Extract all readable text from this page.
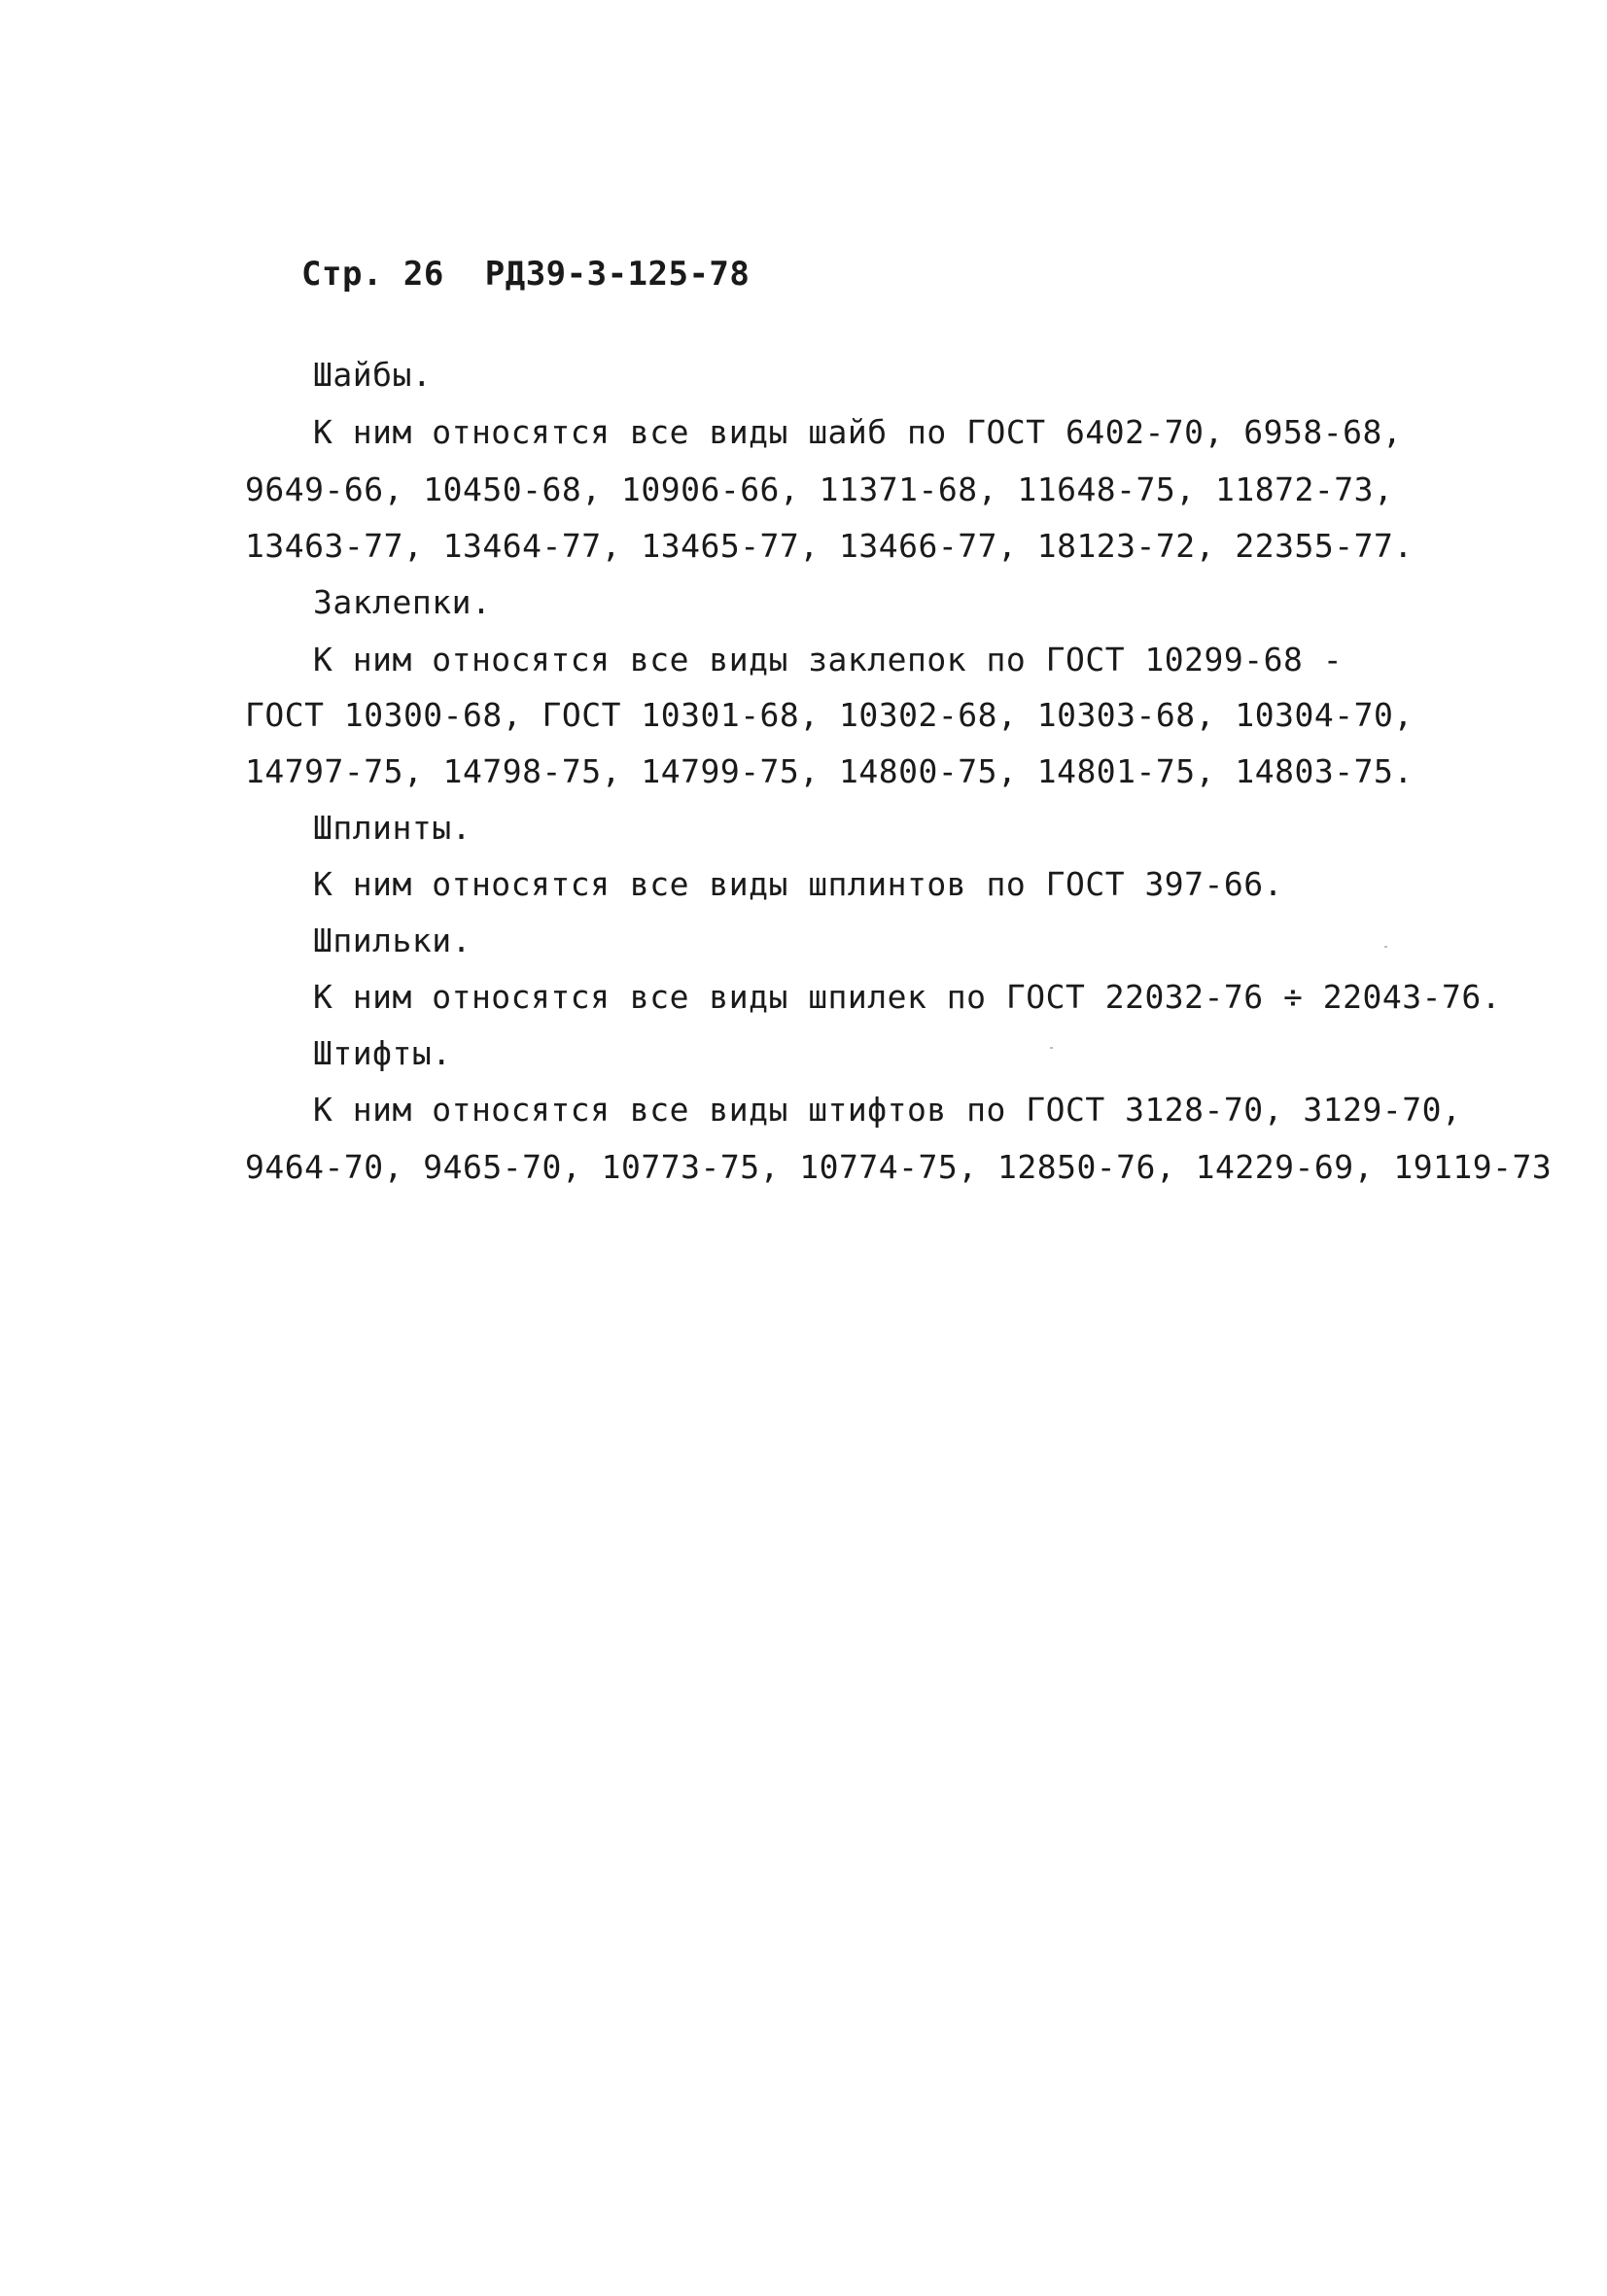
Стр. 26 РД39-3-125-78
Шайбы.
К ним относятся все виды шайб по ГОСТ 6402-70, 6958-68,
9649-66, 10450-68, 10906-66, 11371-68, 11648-75, 11872-73,
13463-77, 13464-77, 13465-77, 13466-77, 18123-72, 22355-77.
Заклепки.
К ним относятся все виды заклепок по ГОСТ 10299-68 -
ГОСТ 10300-68, ГОСТ 10301-68, 10302-68, 10303-68, 10304-70,
14797-75, 14798-75, 14799-75, 14800-75, 14801-75, 14803-75.
Шплинты.
К ним относятся все виды шплинтов по ГОСТ 397-66.
Шпильки.
К ним относятся все виды шпилек по ГОСТ 22032-76 ÷ 22043-76.
Штифты.
К ним относятся все виды штифтов по ГОСТ 3128-70, 3129-70,
9464-70, 9465-70, 10773-75, 10774-75, 12850-76, 14229-69, 19119-73
